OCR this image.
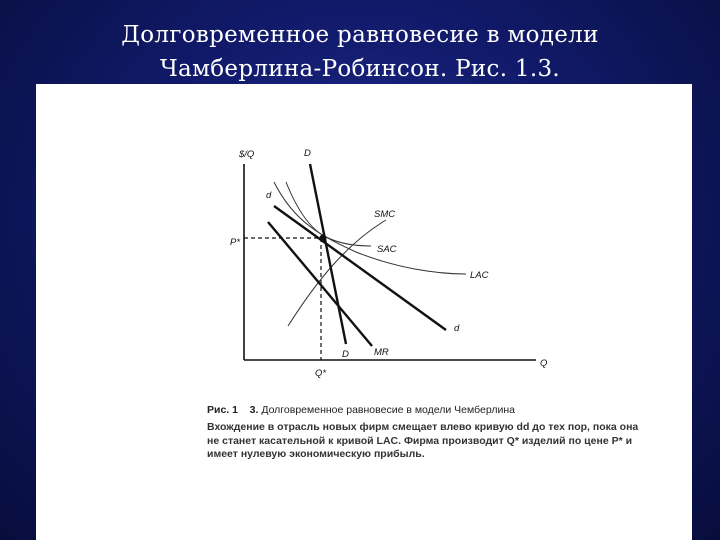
Долговременное равновесие в модели
Чамберлина-Робинсон. Рис. 1.3.
$/Q
Q
P*
Q*
LAC
SAC
SMC
D
D	MR
d
d
Рис. 1 3. Долговременное равновесие в модели Чемберлина
Вхождение в отрасль новых фирм смещает влево кривую dd до тех пор, пока она не станет касательной к кривой LAC. Фирма производит Q* изделий по цене P* и имеет нулевую экономическую прибыль.
